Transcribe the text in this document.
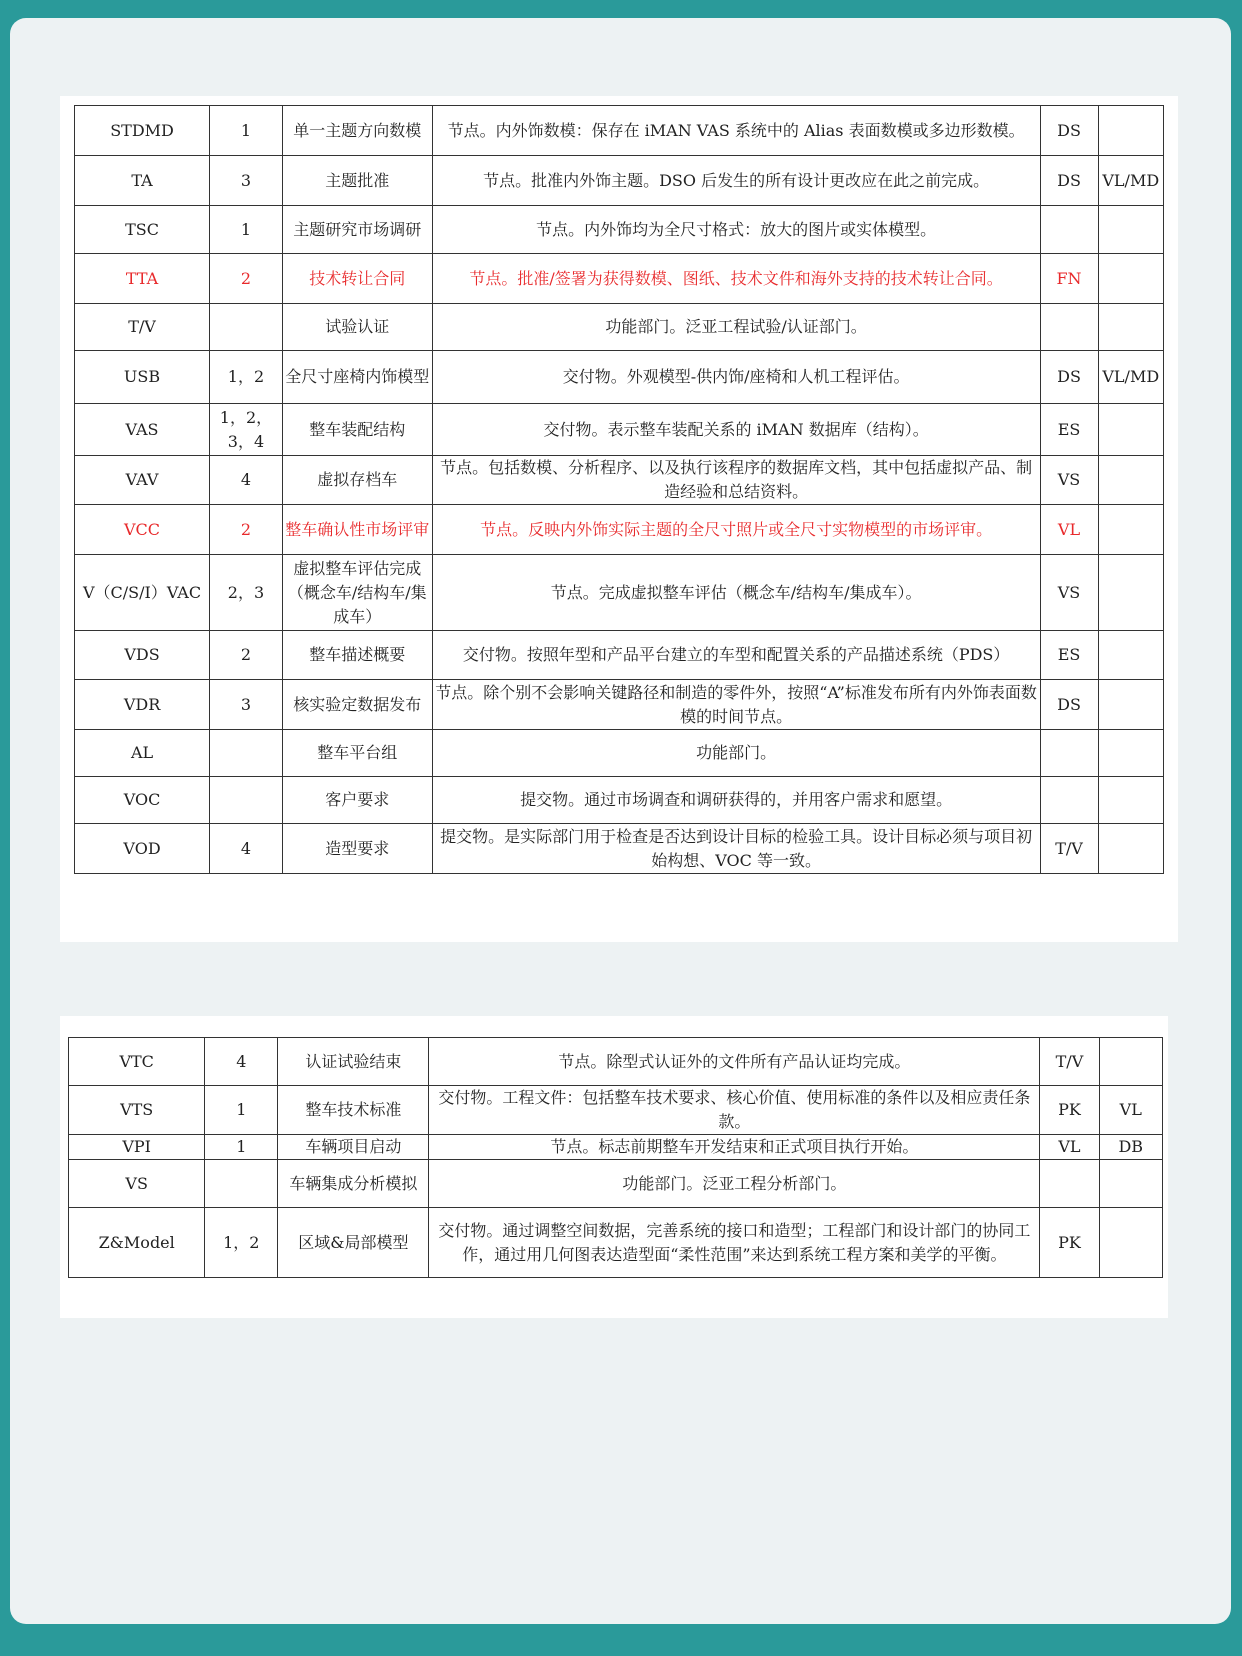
STDMD	1	单一主题方向数模	节点。内外饰数模：保存在 iMAN VAS 系统中的 Alias 表面数模或多边形数模。	DS	
TA	3	主题批准	节点。批准内外饰主题。DSO 后发生的所有设计更改应在此之前完成。	DS	VL/MD
TSC	1	主题研究市场调研	节点。内外饰均为全尺寸格式：放大的图片或实体模型。		
TTA	2	技术转让合同	节点。批准/签署为获得数模、图纸、技术文件和海外支持的技术转让合同。	FN	
T/V		试验认证	功能部门。泛亚工程试验/认证部门。		
USB	1，2	全尺寸座椅内饰模型	交付物。外观模型-供内饰/座椅和人机工程评估。	DS	VL/MD
VAS	1，2，3，4	整车装配结构	交付物。表示整车装配关系的 iMAN 数据库（结构）。	ES	
VAV	4	虚拟存档车	节点。包括数模、分析程序、以及执行该程序的数据库文档，其中包括虚拟产品、制造经验和总结资料。	VS	
VCC	2	整车确认性市场评审	节点。反映内外饰实际主题的全尺寸照片或全尺寸实物模型的市场评审。	VL	
V（C/S/I）VAC	2，3	虚拟整车评估完成（概念车/结构车/集成车）	节点。完成虚拟整车评估（概念车/结构车/集成车）。	VS	
VDS	2	整车描述概要	交付物。按照年型和产品平台建立的车型和配置关系的产品描述系统（PDS）	ES	
VDR	3	核实验定数据发布	节点。除个别不会影响关键路径和制造的零件外，按照“A”标准发布所有内外饰表面数模的时间节点。	DS	
AL		整车平台组	功能部门。		
VOC		客户要求	提交物。通过市场调查和调研获得的，并用客户需求和愿望。		
VOD	4	造型要求	提交物。是实际部门用于检查是否达到设计目标的检验工具。设计目标必须与项目初始构想、VOC 等一致。	T/V	
VTC	4	认证试验结束	节点。除型式认证外的文件所有产品认证均完成。	T/V	
VTS	1	整车技术标准	交付物。工程文件：包括整车技术要求、核心价值、使用标准的条件以及相应责任条款。	PK	VL
VPI	1	车辆项目启动	节点。标志前期整车开发结束和正式项目执行开始。	VL	DB
VS		车辆集成分析模拟	功能部门。泛亚工程分析部门。		
Z&Model	1，2	区域&局部模型	交付物。通过调整空间数据，完善系统的接口和造型；工程部门和设计部门的协同工作，通过用几何图表达造型面“柔性范围”来达到系统工程方案和美学的平衡。	PK	
